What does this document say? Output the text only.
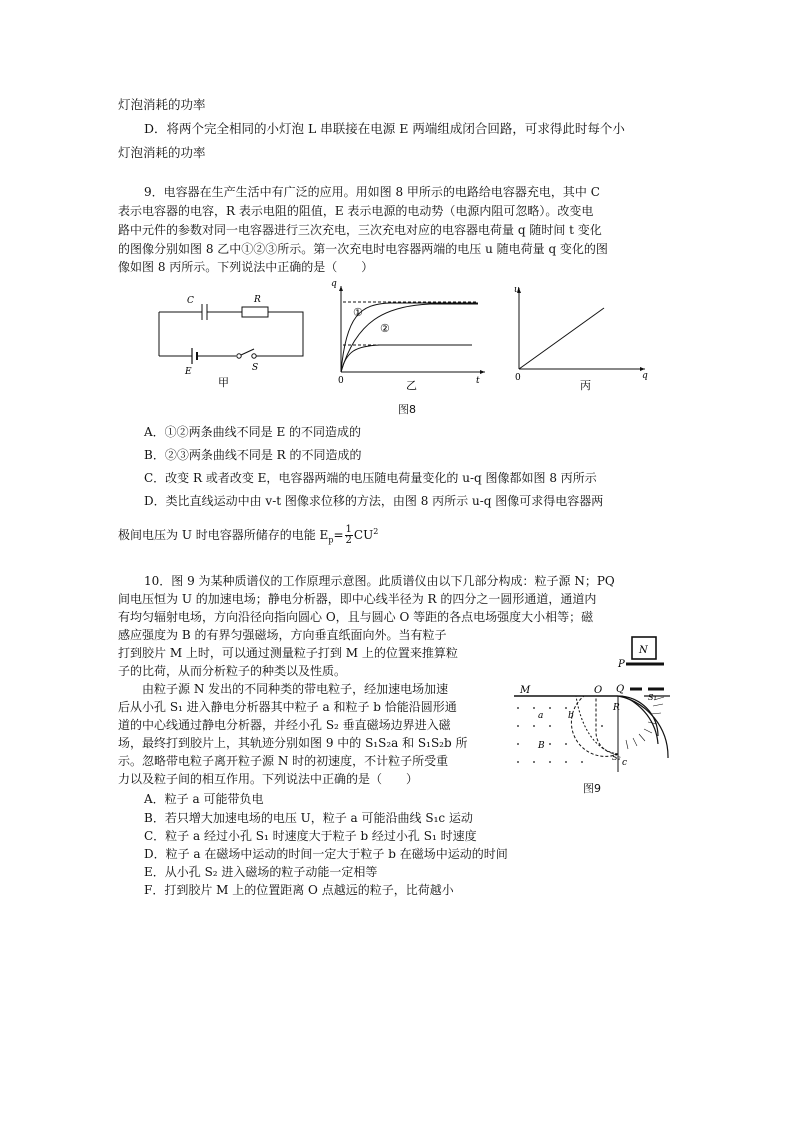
灯泡消耗的功率
D．将两个完全相同的小灯泡 L 串联接在电源 E 两端组成闭合回路，可求得此时每个小
灯泡消耗的功率
9．电容器在生产生活中有广泛的应用。用如图 8 甲所示的电路给电容器充电，其中 C
表示电容器的电容，R 表示电阻的阻值，E 表示电源的电动势（电源内阻可忽略）。改变电
路中元件的参数对同一电容器进行三次充电，三次充电对应的电容器电荷量 q 随时间 t 变化
的图像分别如图 8 乙中①②③所示。第一次充电时电容器两端的电压 u 随电荷量 q 变化的图
像如图 8 丙所示。下列说法中正确的是（　　）
C	R
E	S
甲
q
t
0
①
②
乙
u
q
0
丙
图8
A．①②两条曲线不同是 E 的不同造成的
B．②③两条曲线不同是 R 的不同造成的
C．改变 R 或者改变 E，电容器两端的电压随电荷量变化的 u-q 图像都如图 8 丙所示
D．类比直线运动中由 v-t 图像求位移的方法，由图 8 丙所示 u-q 图像可求得电容器两
极间电压为 U 时电容器所储存的电能 $E_p= \frac{1}{2} CU^2$
10．图 9 为某种质谱仪的工作原理示意图。此质谱仪由以下几部分构成：粒子源 N；PQ
间电压恒为 U 的加速电场；静电分析器，即中心线半径为 R 的四分之一圆形通道，通道内
有均匀辐射电场，方向沿径向指向圆心 O，且与圆心 O 等距的各点电场强度大小相等；磁
感应强度为 B 的有界匀强磁场，方向垂直纸面向外。当有粒子
打到胶片 M 上时，可以通过测量粒子打到 M 上的位置来推算粒
子的比荷，从而分析粒子的种类以及性质。
　　由粒子源 N 发出的不同种类的带电粒子，经加速电场加速
后从小孔 S₁ 进入静电分析器其中粒子 a 和粒子 b 恰能沿圆形通
道的中心线通过静电分析器，并经小孔 S₂ 垂直磁场边界进入磁
场，最终打到胶片上，其轨迹分别如图 9 中的 S₁S₂a 和 S₁S₂b 所
示。忽略带电粒子离开粒子源 N 时的初速度，不计粒子所受重
力以及粒子间的相互作用。下列说法中正确的是（　　）
N
P
Q
M	O
R
a	b
B
c
S₁
S₂
图9
A．粒子 a 可能带负电
B．若只增大加速电场的电压 U，粒子 a 可能沿曲线 S₁c 运动
C．粒子 a 经过小孔 S₁ 时速度大于粒子 b 经过小孔 S₁ 时速度
D．粒子 a 在磁场中运动的时间一定大于粒子 b 在磁场中运动的时间
E．从小孔 S₂ 进入磁场的粒子动能一定相等
F．打到胶片 M 上的位置距离 O 点越远的粒子，比荷越小
